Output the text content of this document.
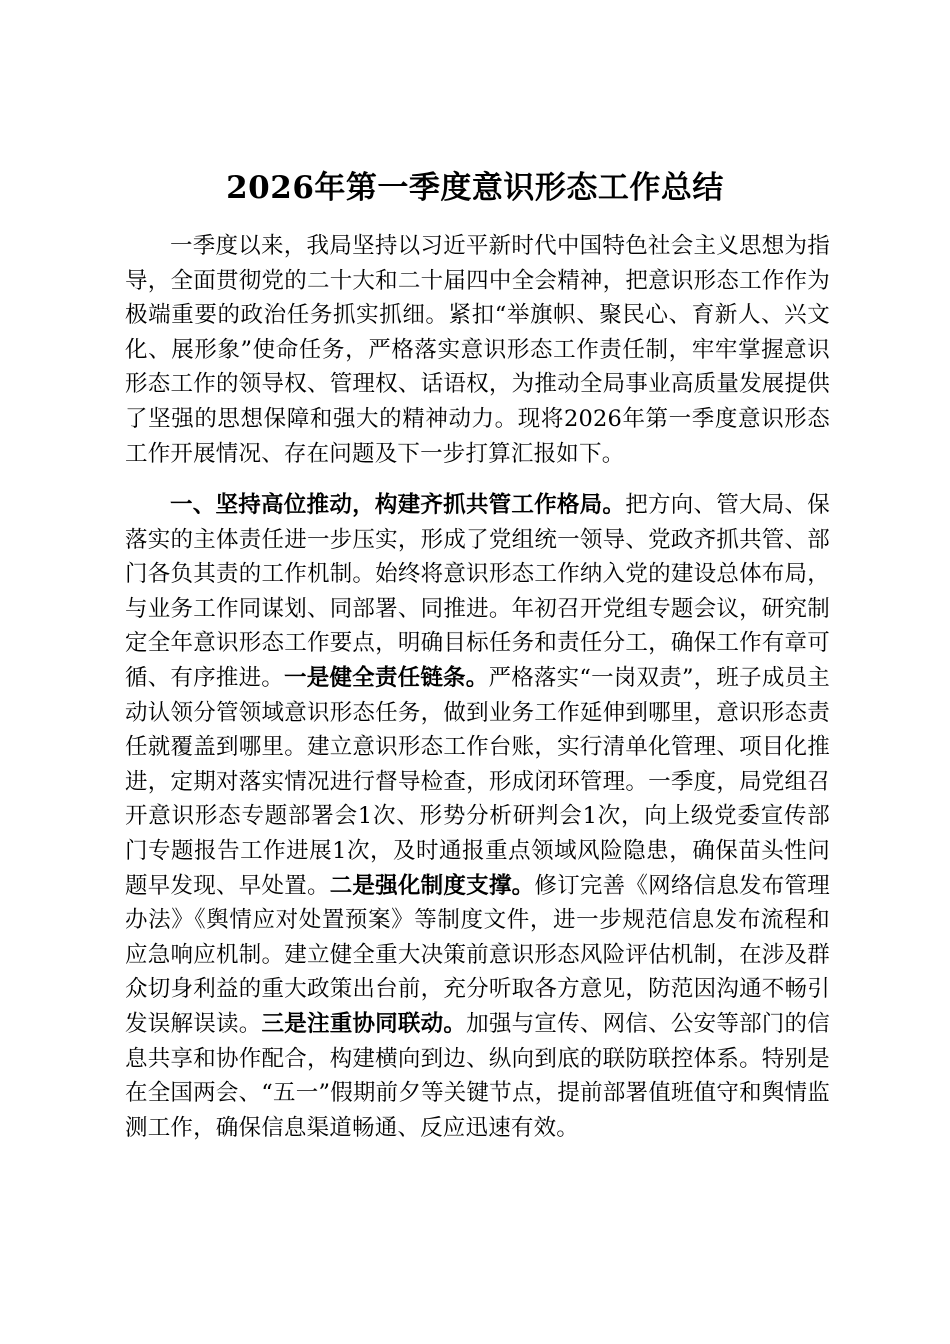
2026年第一季度意识形态工作总结

一季度以来，我局坚持以习近平新时代中国特色社会主义思想为指导，全面贯彻党的二十大和二十届四中全会精神，把意识形态工作作为极端重要的政治任务抓实抓细。紧扣“举旗帜、聚民心、育新人、兴文化、展形象”使命任务，严格落实意识形态工作责任制，牢牢掌握意识形态工作的领导权、管理权、话语权，为推动全局事业高质量发展提供了坚强的思想保障和强大的精神动力。现将2026年第一季度意识形态工作开展情况、存在问题及下一步打算汇报如下。

一、坚持高位推动，构建齐抓共管工作格局。把方向、管大局、保落实的主体责任进一步压实，形成了党组统一领导、党政齐抓共管、部门各负其责的工作机制。始终将意识形态工作纳入党的建设总体布局，与业务工作同谋划、同部署、同推进。年初召开党组专题会议，研究制定全年意识形态工作要点，明确目标任务和责任分工，确保工作有章可循、有序推进。一是健全责任链条。严格落实“一岗双责”，班子成员主动认领分管领域意识形态任务，做到业务工作延伸到哪里，意识形态责任就覆盖到哪里。建立意识形态工作台账，实行清单化管理、项目化推进，定期对落实情况进行督导检查，形成闭环管理。一季度，局党组召开意识形态专题部署会1次、形势分析研判会1次，向上级党委宣传部门专题报告工作进展1次，及时通报重点领域风险隐患，确保苗头性问题早发现、早处置。二是强化制度支撑。修订完善《网络信息发布管理办法》《舆情应对处置预案》等制度文件，进一步规范信息发布流程和应急响应机制。建立健全重大决策前意识形态风险评估机制，在涉及群众切身利益的重大政策出台前，充分听取各方意见，防范因沟通不畅引发误解误读。三是注重协同联动。加强与宣传、网信、公安等部门的信息共享和协作配合，构建横向到边、纵向到底的联防联控体系。特别是在全国两会、“五一”假期前夕等关键节点，提前部署值班值守和舆情监测工作，确保信息渠道畅通、反应迅速有效。
